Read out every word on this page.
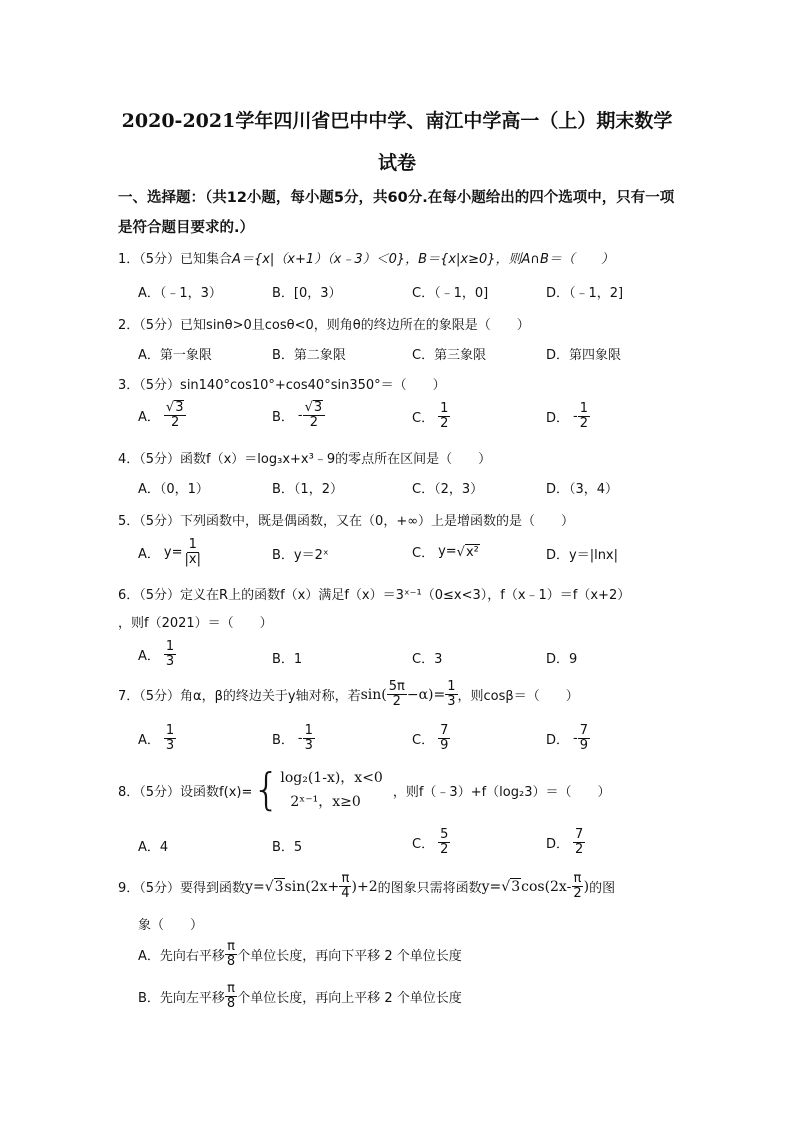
2020-2021学年四川省巴中中学、南江中学高一（上）期末数学
试卷
一、选择题：（共12小题，每小题5分，共60分.在每小题给出的四个选项中，只有一项
是符合题目要求的.）
1．（5分）已知集合A＝{x|（x+1）（x﹣3）＜0}，B＝{x|x≥0}，则A∩B＝（　　）
A．（﹣1，3）	B．[0，3）	C．（﹣1，0]	D．（﹣1，2]
2．（5分）已知sinθ>0且cosθ<0，则角θ的终边所在的象限是（　　）
A．第一象限	B．第二象限	C．第三象限	D．第四象限
3．（5分）sin140°cos10°+cos40°sin350°＝（　　）
A． $\frac{√ 3}{2}$	B． - $\frac{√ 3}{2}$	C． $\frac{1}{2}$	D． - $\frac{1}{2}$
4．（5分）函数f（x）＝log₃x+x³﹣9的零点所在区间是（　　）
A．（0，1）	B．（1，2）	C．（2，3）	D．（3，4）
5．（5分）下列函数中，既是偶函数，又在（0，+∞）上是增函数的是（　　）
A． $y= \frac{1}{|x|}$	B．y＝2ˣ	C． y= √ x²	D．y＝|lnx|
6．（5分）定义在R上的函数f（x）满足f（x）＝3ˣ⁻¹（0≤x<3），f（x﹣1）＝f（x+2）
，则f（2021）＝（　　）
A． $\frac{1}{3}$	B．1	C．3	D．9
7．（5分）角α，β的终边关于y轴对称，若 $\sin( \frac{5\pi}{2} -\alpha)= \frac{1}{3}$ ，则cosβ＝（　　）
A． $\frac{1}{3}$	B． - $\frac{1}{3}$	C． $\frac{7}{9}$	D． - $\frac{7}{9}$
8．（5分）设函数f(x)= { log₂(1-x)，x<0
2ˣ⁻¹，x≥0
，则f（﹣3）+f（log₂3）＝（　　）
A．4	B．5	C． $\frac{5}{2}$	D． $\frac{7}{2}$
9．（5分）要得到函数 y= √ 3 $\sin(2x+ \frac{\pi}{4} )+2$ 的图象只需将函数 y= √ 3 $\cos(2x- \frac{\pi}{2}$ ) 的图
象（　　）
A．先向右平移 $\frac{\pi}{8}$ 个单位长度，再向下平移 2 个单位长度
B．先向左平移 $\frac{\pi}{8}$ 个单位长度，再向上平移 2 个单位长度
